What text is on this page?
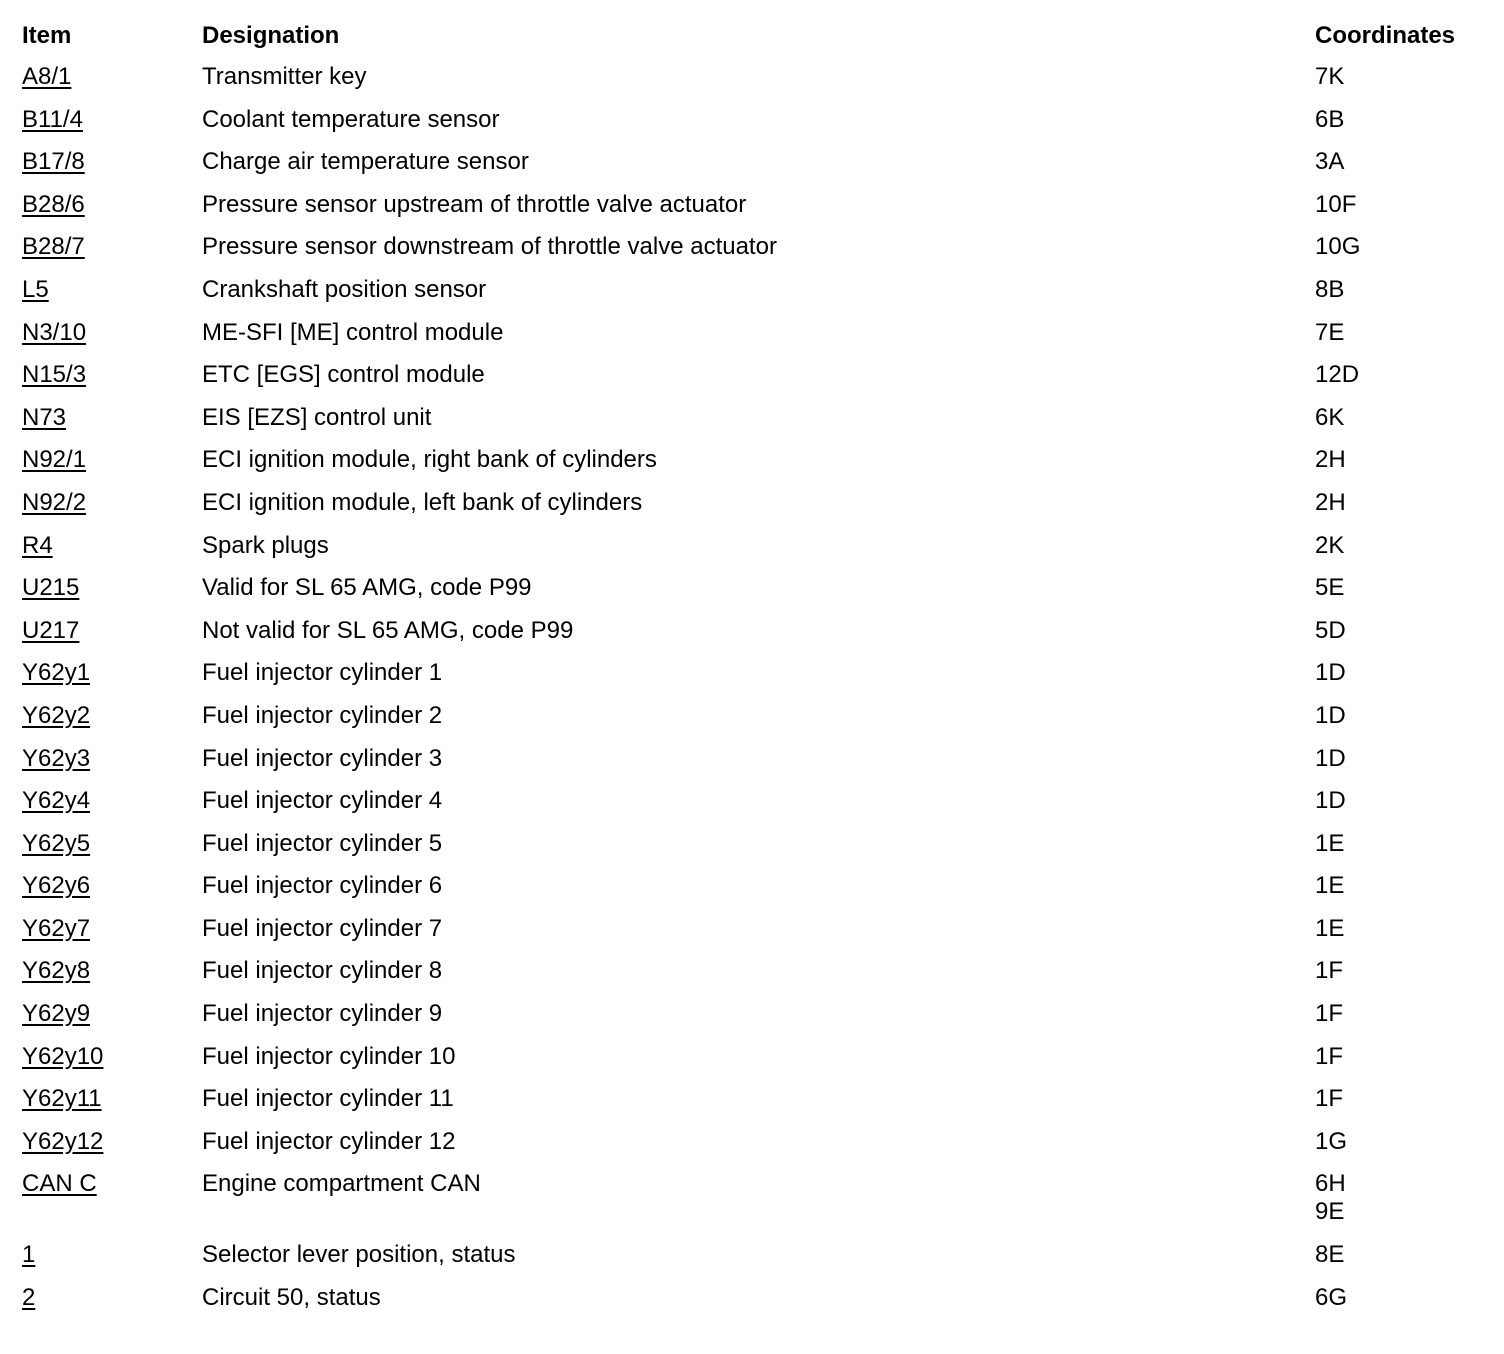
Item	Designation	Coordinates
A8/1	Transmitter key	7K
B11/4	Coolant temperature sensor	6B
B17/8	Charge air temperature sensor	3A
B28/6	Pressure sensor upstream of throttle valve actuator	10F
B28/7	Pressure sensor downstream of throttle valve actuator	10G
L5	Crankshaft position sensor	8B
N3/10	ME-SFI [ME] control module	7E
N15/3	ETC [EGS] control module	12D
N73	EIS [EZS] control unit	6K
N92/1	ECI ignition module, right bank of cylinders	2H
N92/2	ECI ignition module, left bank of cylinders	2H
R4	Spark plugs	2K
U215	Valid for SL 65 AMG, code P99	5E
U217	Not valid for SL 65 AMG, code P99	5D
Y62y1	Fuel injector cylinder 1	1D
Y62y2	Fuel injector cylinder 2	1D
Y62y3	Fuel injector cylinder 3	1D
Y62y4	Fuel injector cylinder 4	1D
Y62y5	Fuel injector cylinder 5	1E
Y62y6	Fuel injector cylinder 6	1E
Y62y7	Fuel injector cylinder 7	1E
Y62y8	Fuel injector cylinder 8	1F
Y62y9	Fuel injector cylinder 9	1F
Y62y10	Fuel injector cylinder 10	1F
Y62y11	Fuel injector cylinder 11	1F
Y62y12	Fuel injector cylinder 12	1G
CAN C	Engine compartment CAN	6H
9E
1	Selector lever position, status	8E
2	Circuit 50, status	6G
